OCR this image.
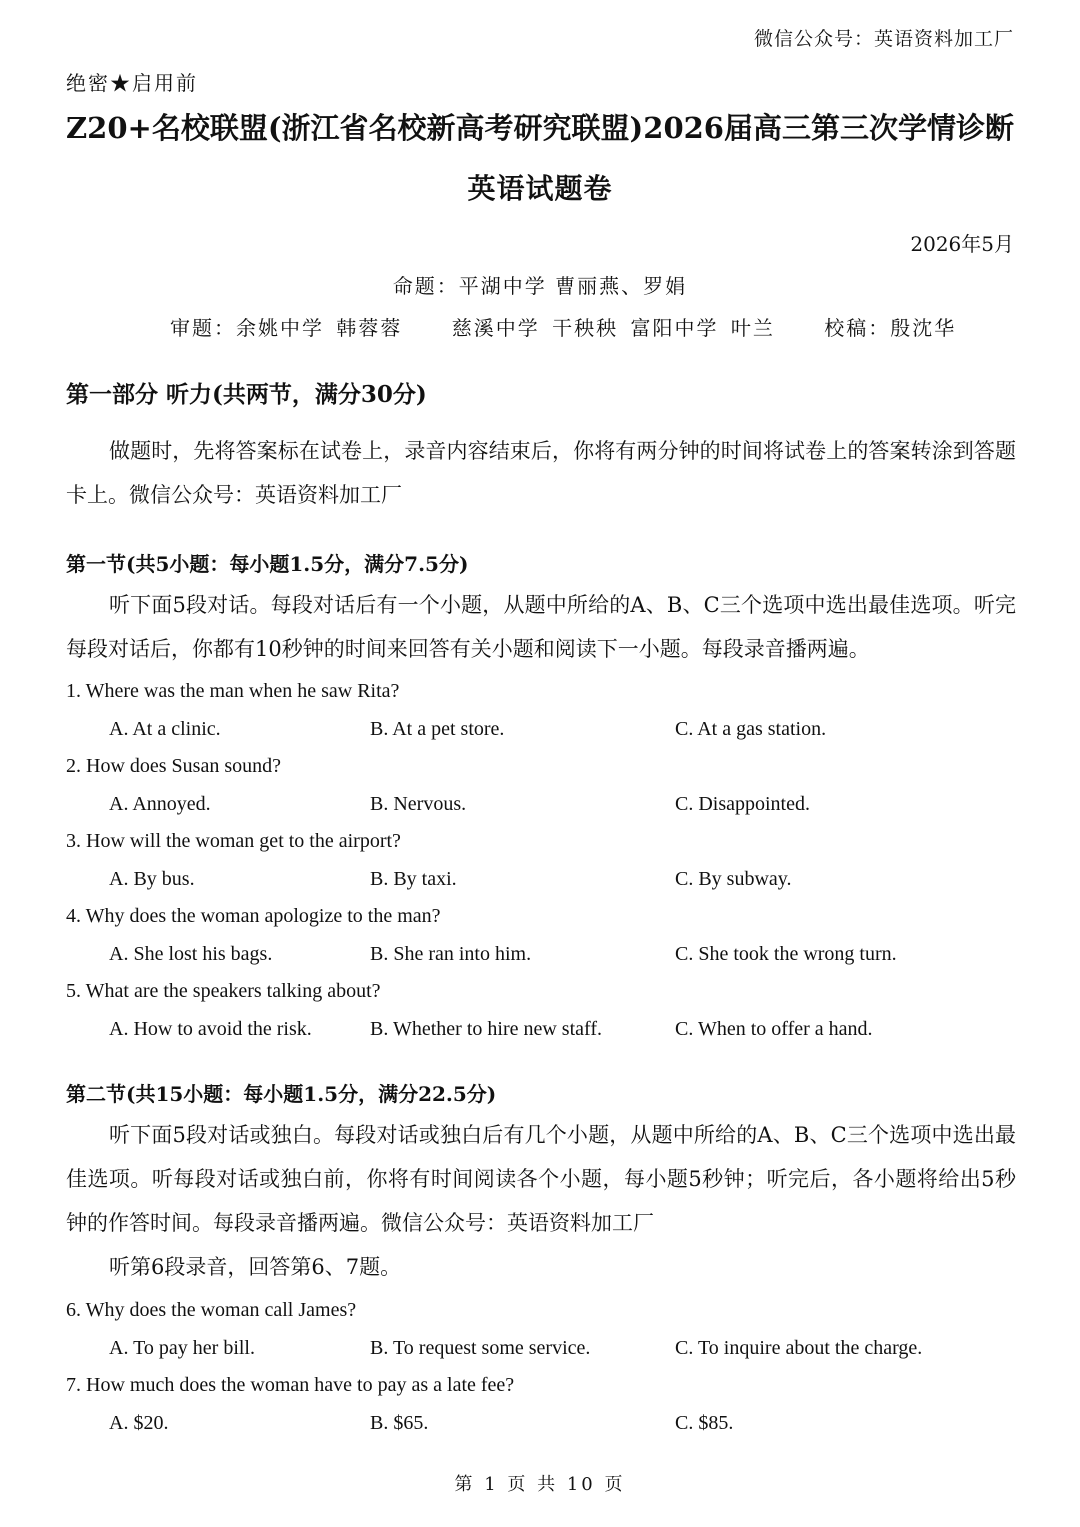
微信公众号：英语资料加工厂
绝密★启用前
Z20+名校联盟(浙江省名校新高考研究联盟)2026届高三第三次学情诊断
英语试题卷
2026年5月
命题：平湖中学 曹丽燕、罗娟
审题：余姚中学 韩蓉蓉    慈溪中学 干秧秧 富阳中学 叶兰    校稿：殷沈华
第一部分 听力(共两节，满分30分)
做题时，先将答案标在试卷上，录音内容结束后，你将有两分钟的时间将试卷上的答案转涂到答题卡上。微信公众号：英语资料加工厂
第一节(共5小题：每小题1.5分，满分7.5分)
听下面5段对话。每段对话后有一个小题，从题中所给的A、B、C三个选项中选出最佳选项。听完每段对话后，你都有10秒钟的时间来回答有关小题和阅读下一小题。每段录音播两遍。
1. Where was the man when he saw Rita?
A. At a clinic.	B. At a pet store.	C. At a gas station.
2. How does Susan sound?
A. Annoyed.	B. Nervous.	C. Disappointed.
3. How will the woman get to the airport?
A. By bus.	B. By taxi.	C. By subway.
4. Why does the woman apologize to the man?
A. She lost his bags.	B. She ran into him.	C. She took the wrong turn.
5. What are the speakers talking about?
A. How to avoid the risk.	B. Whether to hire new staff.	C. When to offer a hand.
第二节(共15小题：每小题1.5分，满分22.5分)
听下面5段对话或独白。每段对话或独白后有几个小题，从题中所给的A、B、C三个选项中选出最佳选项。听每段对话或独白前，你将有时间阅读各个小题，每小题5秒钟；听完后，各小题将给出5秒钟的作答时间。每段录音播两遍。微信公众号：英语资料加工厂
听第6段录音，回答第6、7题。
6. Why does the woman call James?
A. To pay her bill.	B. To request some service.	C. To inquire about the charge.
7. How much does the woman have to pay as a late fee?
A. $20.	B. $65.	C. $85.
第 1 页 共 10 页
